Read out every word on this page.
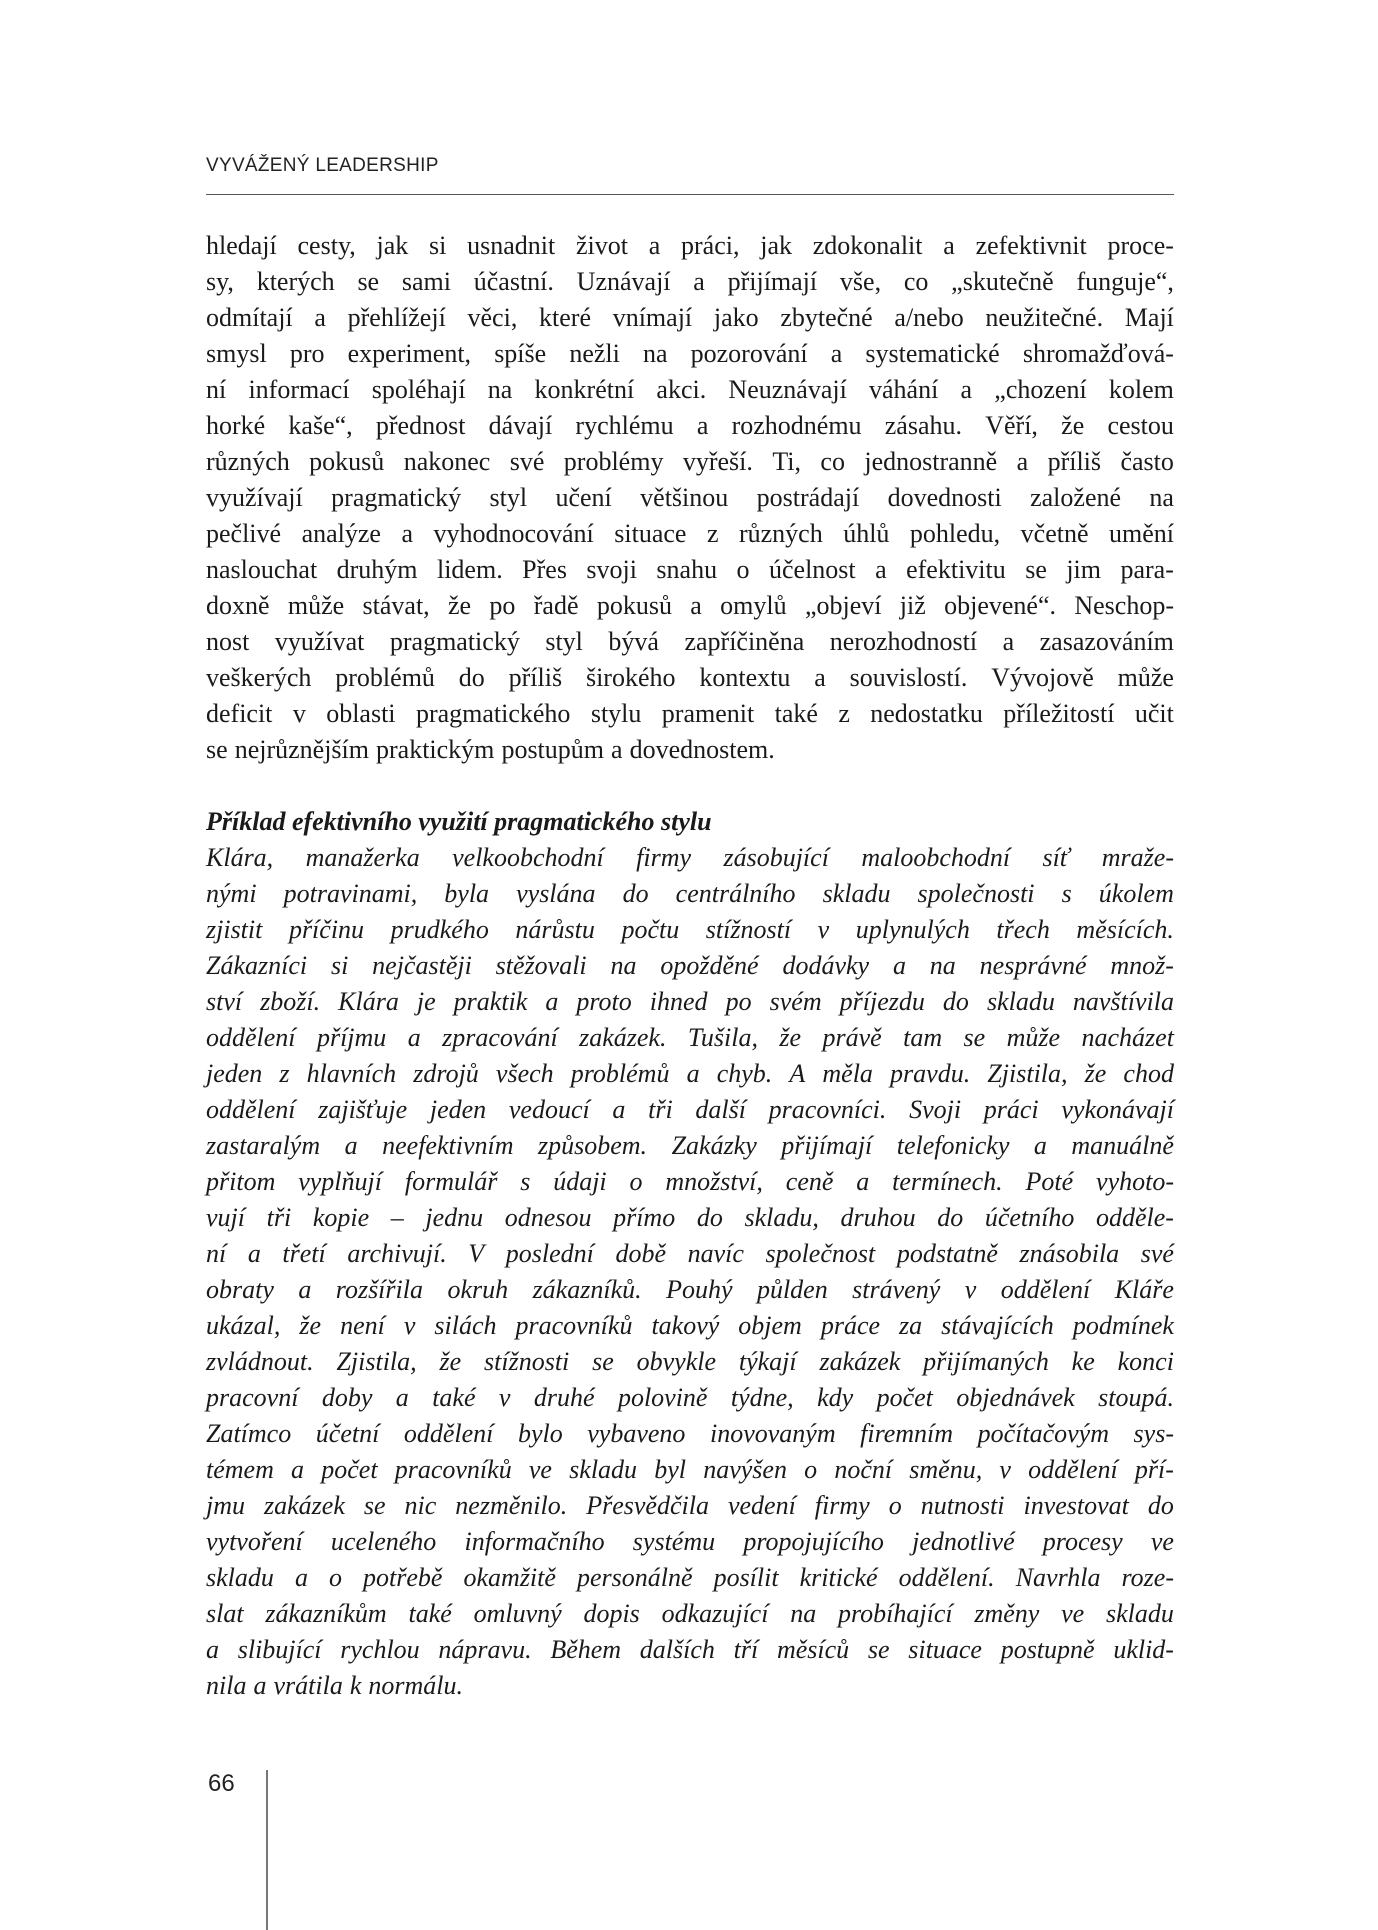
VYVÁŽENÝ LEADERSHIP
hledají cesty, jak si usnadnit život a práci, jak zdokonalit a zefektivnit proce-
sy, kterých se sami účastní. Uznávají a přijímají vše, co „skutečně funguje“,
odmítají a přehlížejí věci, které vnímají jako zbytečné a/nebo neužitečné. Mají
smysl pro experiment, spíše nežli na pozorování a systematické shromažďová-
ní informací spoléhají na konkrétní akci. Neuznávají váhání a „chození kolem
horké kaše“, přednost dávají rychlému a rozhodnému zásahu. Věří, že cestou
různých pokusů nakonec své problémy vyřeší. Ti, co jednostranně a příliš často
využívají pragmatický styl učení většinou postrádají dovednosti založené na
pečlivé analýze a vyhodnocování situace z různých úhlů pohledu, včetně umění
naslouchat druhým lidem. Přes svoji snahu o účelnost a efektivitu se jim para-
doxně může stávat, že po řadě pokusů a omylů „objeví již objevené“. Neschop-
nost využívat pragmatický styl bývá zapříčiněna nerozhodností a zasazováním
veškerých problémů do příliš širokého kontextu a souvislostí. Vývojově může
deficit v oblasti pragmatického stylu pramenit také z nedostatku příležitostí učit
se nejrůznějším praktickým postupům a dovednostem.
Příklad efektivního využití pragmatického stylu
Klára, manažerka velkoobchodní firmy zásobující maloobchodní síť mraže-
nými potravinami, byla vyslána do centrálního skladu společnosti s úkolem
zjistit příčinu prudkého nárůstu počtu stížností v uplynulých třech měsících.
Zákazníci si nejčastěji stěžovali na opožděné dodávky a na nesprávné množ-
ství zboží. Klára je praktik a proto ihned po svém příjezdu do skladu navštívila
oddělení příjmu a zpracování zakázek. Tušila, že právě tam se může nacházet
jeden z hlavních zdrojů všech problémů a chyb. A měla pravdu. Zjistila, že chod
oddělení zajišťuje jeden vedoucí a tři další pracovníci. Svoji práci vykonávají
zastaralým a neefektivním způsobem. Zakázky přijímají telefonicky a manuálně
přitom vyplňují formulář s údaji o množství, ceně a termínech. Poté vyhoto-
vují tři kopie – jednu odnesou přímo do skladu, druhou do účetního odděle-
ní a třetí archivují. V poslední době navíc společnost podstatně znásobila své
obraty a rozšířila okruh zákazníků. Pouhý půlden strávený v oddělení Kláře
ukázal, že není v silách pracovníků takový objem práce za stávajících podmínek
zvládnout. Zjistila, že stížnosti se obvykle týkají zakázek přijímaných ke konci
pracovní doby a také v druhé polovině týdne, kdy počet objednávek stoupá.
Zatímco účetní oddělení bylo vybaveno inovovaným firemním počítačovým sys-
témem a počet pracovníků ve skladu byl navýšen o noční směnu, v oddělení pří-
jmu zakázek se nic nezměnilo. Přesvědčila vedení firmy o nutnosti investovat do
vytvoření uceleného informačního systému propojujícího jednotlivé procesy ve
skladu a o potřebě okamžitě personálně posílit kritické oddělení. Navrhla roze-
slat zákazníkům také omluvný dopis odkazující na probíhající změny ve skladu
a slibující rychlou nápravu. Během dalších tří měsíců se situace postupně uklid-
nila a vrátila k normálu.
66
